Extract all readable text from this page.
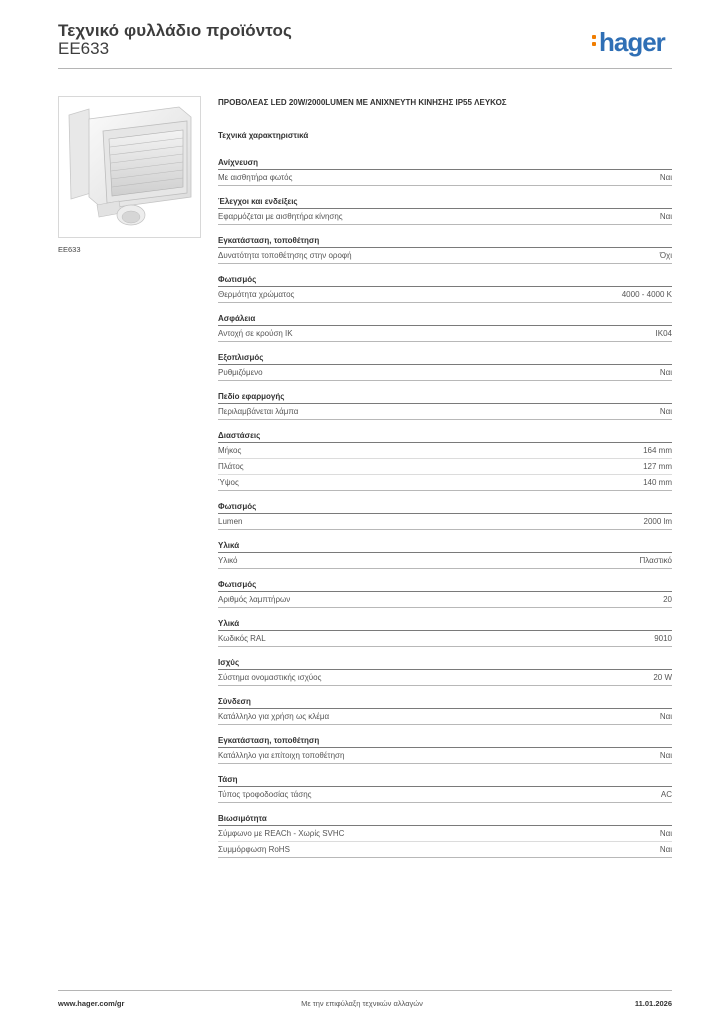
Τεχνικό φυλλάδιο προϊόντος
EE633	hager
EE633
ΠΡΟΒΟΛΕΑΣ LED 20W/2000LUMEN ΜΕ ΑΝΙΧΝΕΥΤΗ ΚΙΝΗΣΗΣ IP55 ΛΕΥΚΟΣ
Τεχνικά χαρακτηριστικά
Ανίχνευση
Με αισθητήρα φωτός	Ναι
Έλεγχοι και ενδείξεις
Εφαρμόζεται με αισθητήρα κίνησης	Ναι
Εγκατάσταση, τοποθέτηση
Δυνατότητα τοποθέτησης στην οροφή	Όχι
Φωτισμός
Θερμότητα χρώματος	4000 - 4000 K
Ασφάλεια
Αντοχή σε κρούση IK	IK04
Εξοπλισμός
Ρυθμιζόμενο	Ναι
Πεδίο εφαρμογής
Περιλαμβάνεται λάμπα	Ναι
Διαστάσεις
Μήκος	164 mm
Πλάτος	127 mm
Ύψος	140 mm
Φωτισμός
Lumen	2000 lm
Υλικά
Υλικό	Πλαστικό
Φωτισμός
Αριθμός λαμπτήρων	20
Υλικά
Κωδικός RAL	9010
Ισχύς
Σύστημα ονομαστικής ισχύος	20 W
Σύνδεση
Κατάλληλο για χρήση ως κλέμα	Ναι
Εγκατάσταση, τοποθέτηση
Κατάλληλο για επίτοιχη τοποθέτηση	Ναι
Τάση
Τύπος τροφοδοσίας τάσης	AC
Βιωσιμότητα
Σύμφωνο με REACh - Χωρίς SVHC	Ναι
Συμμόρφωση RoHS	Ναι
www.hager.com/gr	Με την επιφύλαξη τεχνικών αλλαγών	11.01.2026
